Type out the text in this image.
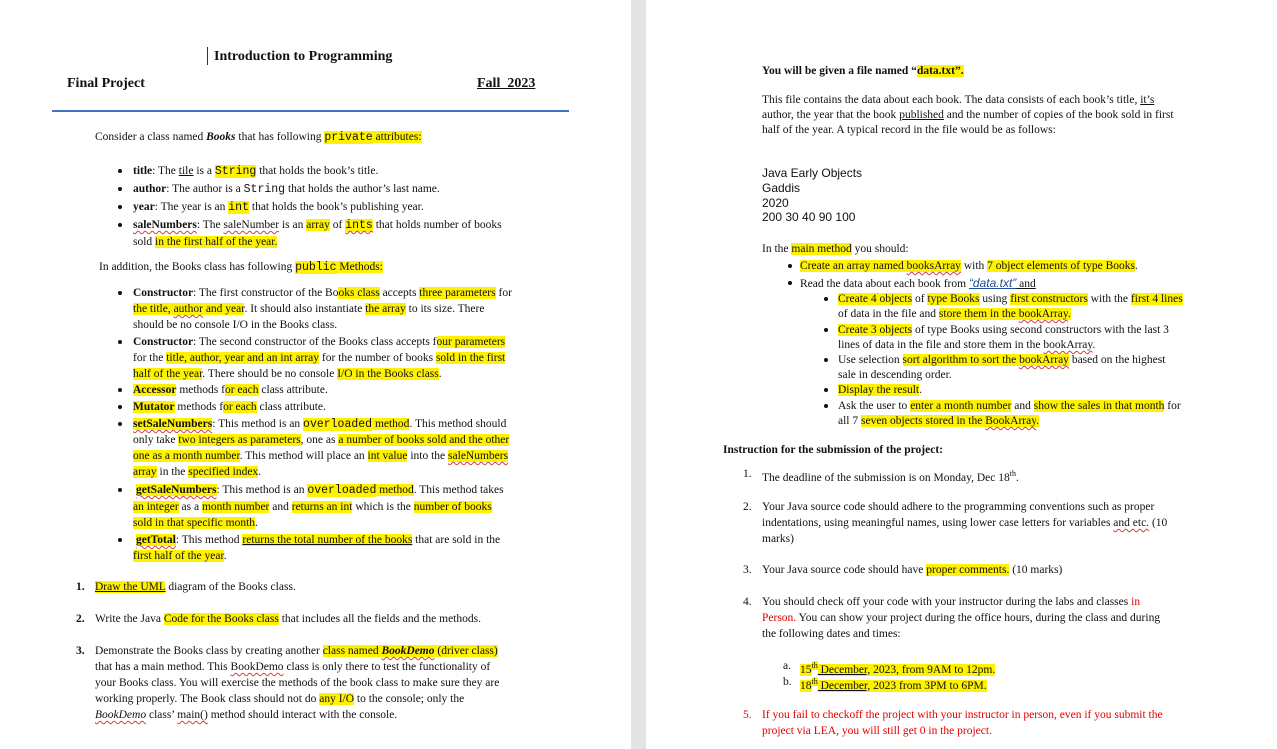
Introduction to Programming
Final Project	Fall_2023
Consider a class named Books that has following private attributes:
title: The tile is a String that holds the book’s title.
author: The author is a String that holds the author’s last name.
year: The year is an int that holds the book’s publishing year.
saleNumbers: The saleNumber is an array of ints that holds number of books
sold in the first half of the year.
In addition, the Books class has following public Methods:
Constructor: The first constructor of the Books class accepts three parameters for
the title, author and year. It should also instantiate the array to its size. There
should be no console I/O in the Books class.
Constructor: The second constructor of the Books class accepts four parameters
for the title, author, year and an int array for the number of books sold in the first
half of the year. There should be no console I/O in the Books class.
Accessor methods for each class attribute.
Mutator methods for each class attribute.
setSaleNumbers: This method is an overloaded method. This method should
only take two integers as parameters, one as a number of books sold and the other
one as a month number. This method will place an int value into the saleNumbers
array in the specified index.
getSaleNumbers: This method is an overloaded method. This method takes
an integer as a month number and returns an int which is the number of books
sold in that specific month.
getTotal: This method returns the total number of the books that are sold in the
first half of the year.
1. Draw the UML diagram of the Books class.
2. Write the Java Code for the Books class that includes all the fields and the methods.
3. Demonstrate the Books class by creating another class named BookDemo (driver class)
that has a main method. This BookDemo class is only there to test the functionality of
your Books class. You will exercise the methods of the book class to make sure they are
working properly. The Book class should not do any I/O to the console; only the
BookDemo class’ main() method should interact with the console.
You will be given a file named “data.txt”.
This file contains the data about each book. The data consists of each book’s title, it’s
author, the year that the book published and the number of copies of the book sold in first
half of the year. A typical record in the file would be as follows:
Java Early Objects
Gaddis
2020
200 30 40 90 100
In the main method you should:
Create an array named booksArray with 7 object elements of type Books.
Read the data about each book from “data.txt” and
Create 4 objects of type Books using first constructors with the first 4 lines
of data in the file and store them in the bookArray.
Create 3 objects of type Books using second constructors with the last 3
lines of data in the file and store them in the bookArray.
Use selection sort algorithm to sort the bookArray based on the highest
sale in descending order.
Display the result.
Ask the user to enter a month number and show the sales in that month for
all 7 seven objects stored in the BookArray.
Instruction for the submission of the project:
1. The deadline of the submission is on Monday, Dec 18th.
2. Your Java source code should adhere to the programming conventions such as proper
indentations, using meaningful names, using lower case letters for variables and etc. (10
marks)
3. Your Java source code should have proper comments. (10 marks)
4. You should check off your code with your instructor during the labs and classes in
Person. You can show your project during the office hours, during the class and during
the following dates and times:
a. 15th December, 2023, from 9AM to 12pm.
b. 18th December, 2023 from 3PM to 6PM.
5. If you fail to checkoff the project with your instructor in person, even if you submit the
project via LEA, you will still get 0 in the project.
